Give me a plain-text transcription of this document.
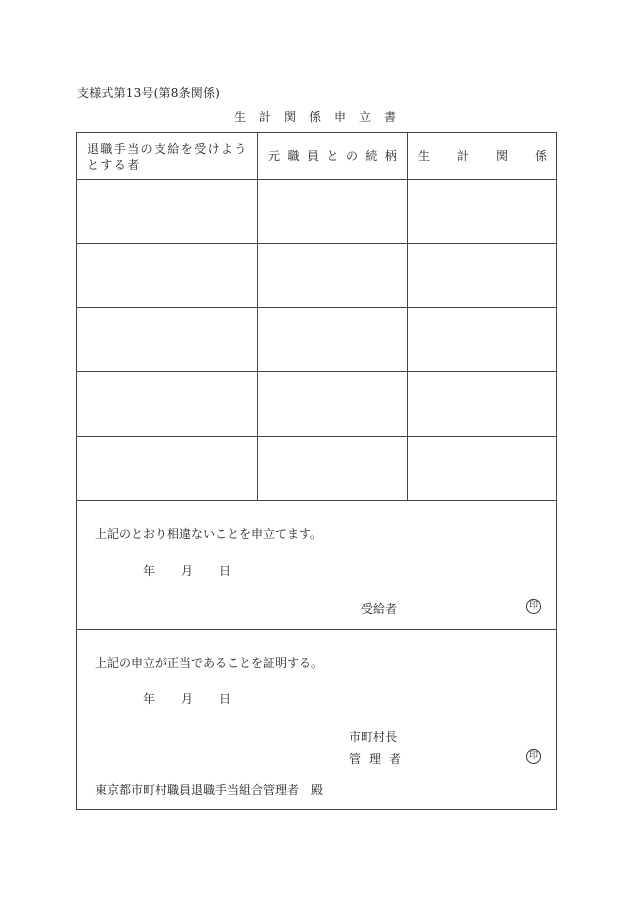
支様式第13号(第8条関係)
生 計 関 係 申 立 書
退職手当の支給を受けようとする者
元 職 員 と の 続 柄 生 計 関 係
上記のとおり相違ないことを申立てます。
年 月 日
受給者	印
上記の申立が正当であることを証明する。
年 月 日
市町村長
管 理 者	印
東京都市町村職員退職手当組合管理者　殿
